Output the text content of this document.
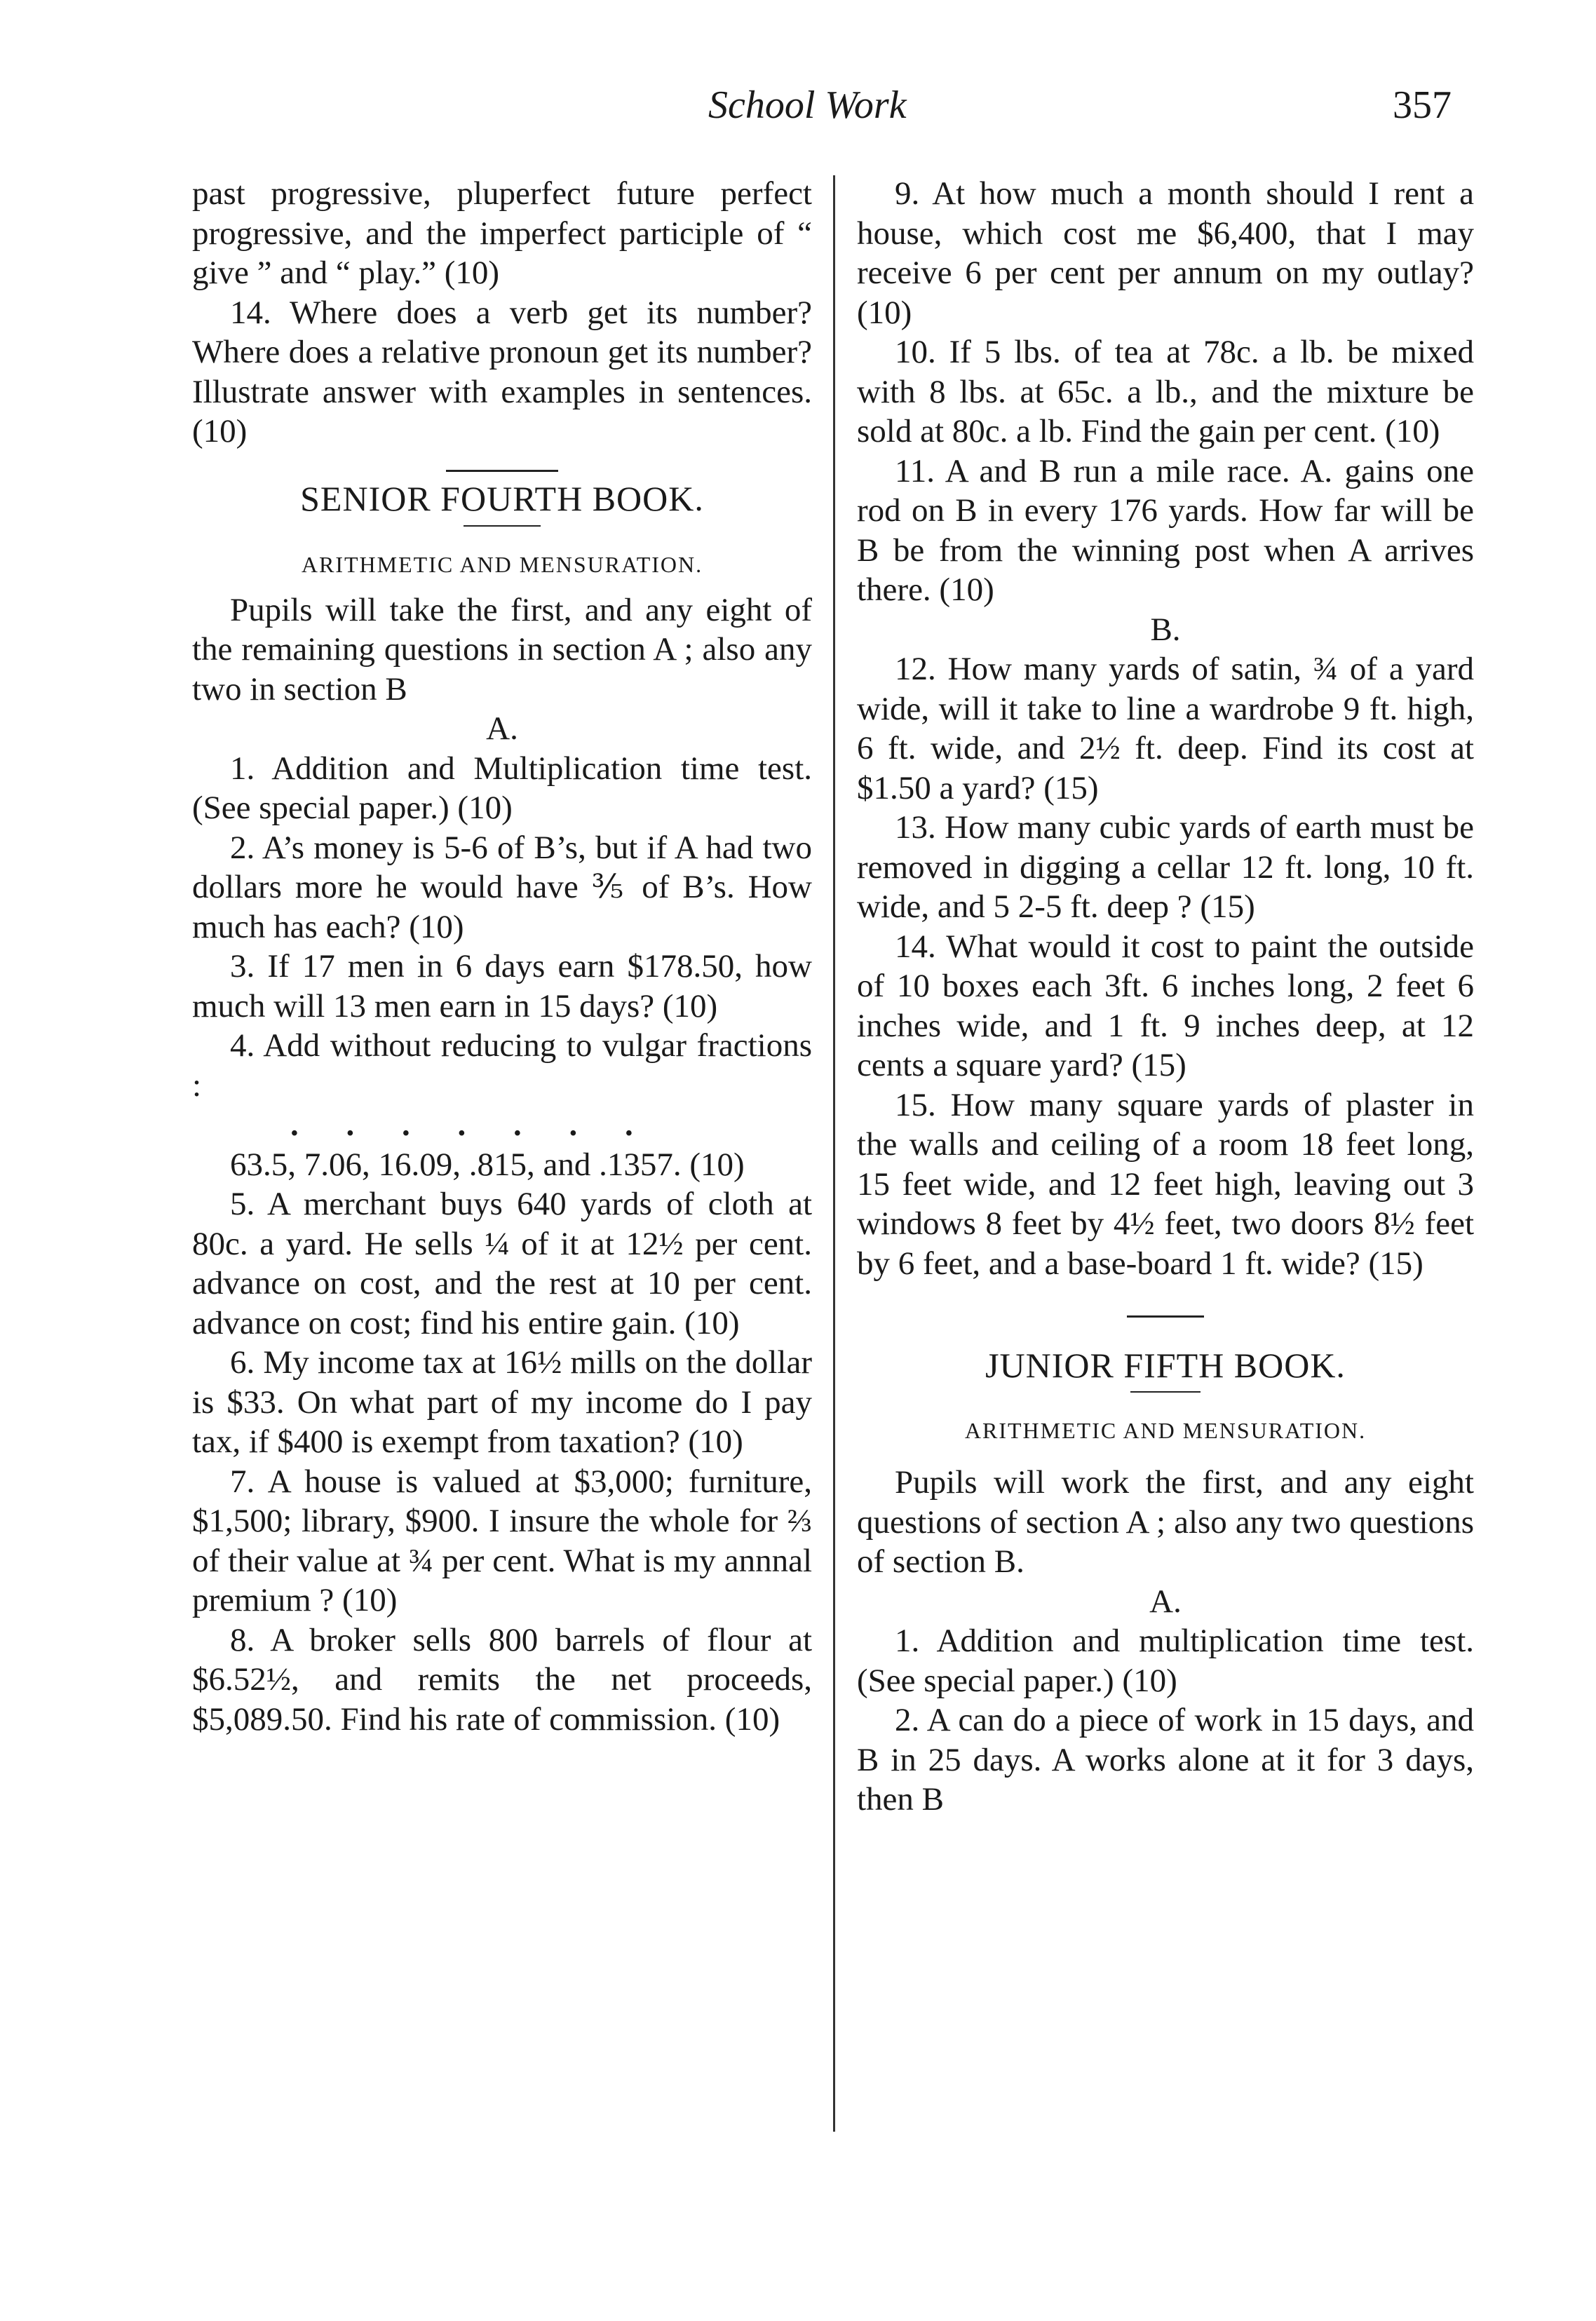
School Work	357

past progressive, pluperfect future perfect progressive, and the imperfect participle of “ give ” and “ play.” (10)

14. Where does a verb get its number? Where does a relative pronoun get its number? Illustrate answer with examples in sentences. (10)

SENIOR FOURTH BOOK.

ARITHMETIC AND MENSURATION.

Pupils will take the first, and any eight of the remaining questions in section A ; also any two in section B

A.

1. Addition and Multiplication time test. (See special paper.) (10)

2. A’s money is 5-6 of B’s, but if A had two dollars more he would have ⅗ of B’s. How much has each? (10)

3. If 17 men in 6 days earn $178.50, how much will 13 men earn in 15 days? (10)

4. Add without reducing to vulgar fractions :

. . . . . . .

63.5, 7.06, 16.09, .815, and .1357. (10)

5. A merchant buys 640 yards of cloth at 80c. a yard. He sells ¼ of it at 12½ per cent. advance on cost, and the rest at 10 per cent. advance on cost; find his entire gain. (10)

6. My income tax at 16½ mills on the dollar is $33. On what part of my income do I pay tax, if $400 is exempt from taxation? (10)

7. A house is valued at $3,000; furniture, $1,500; library, $900. I insure the whole for ⅔ of their value at ¾ per cent. What is my annnal premium ? (10)

8. A broker sells 800 barrels of flour at $6.52½, and remits the net proceeds, $5,089.50. Find his rate of commission. (10)

9. At how much a month should I rent a house, which cost me $6,400, that I may receive 6 per cent per annum on my outlay? (10)

10. If 5 lbs. of tea at 78c. a lb. be mixed with 8 lbs. at 65c. a lb., and the mixture be sold at 80c. a lb. Find the gain per cent. (10)

11. A and B run a mile race. A. gains one rod on B in every 176 yards. How far will be B be from the winning post when A arrives there. (10)

B.

12. How many yards of satin, ¾ of a yard wide, will it take to line a wardrobe 9 ft. high, 6 ft. wide, and 2½ ft. deep. Find its cost at $1.50 a yard? (15)

13. How many cubic yards of earth must be removed in digging a cellar 12 ft. long, 10 ft. wide, and 5 2-5 ft. deep ? (15)

14. What would it cost to paint the outside of 10 boxes each 3ft. 6 inches long, 2 feet 6 inches wide, and 1 ft. 9 inches deep, at 12 cents a square yard? (15)

15. How many square yards of plaster in the walls and ceiling of a room 18 feet long, 15 feet wide, and 12 feet high, leaving out 3 windows 8 feet by 4½ feet, two doors 8½ feet by 6 feet, and a base-board 1 ft. wide? (15)

JUNIOR FIFTH BOOK.

ARITHMETIC AND MENSURATION.

Pupils will work the first, and any eight questions of section A ; also any two questions of section B.

A.

1. Addition and multiplication time test. (See special paper.) (10)

2. A can do a piece of work in 15 days, and B in 25 days. A works alone at it for 3 days, then B
